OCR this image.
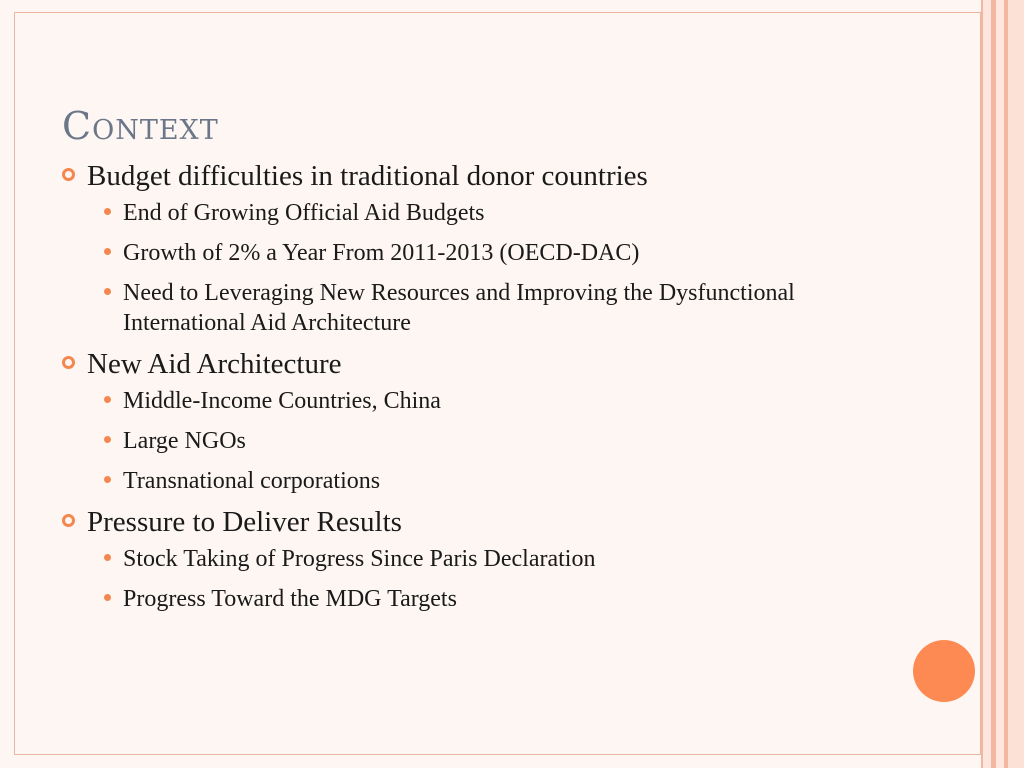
Context
Budget difficulties in traditional donor countries
End of Growing Official Aid Budgets
Growth of 2% a Year From 2011-2013 (OECD-DAC)
Need to Leveraging New Resources and Improving the Dysfunctional International Aid Architecture
New Aid Architecture
Middle-Income Countries, China
Large NGOs
Transnational corporations
Pressure to Deliver Results
Stock Taking of Progress Since Paris Declaration
Progress Toward the MDG Targets
